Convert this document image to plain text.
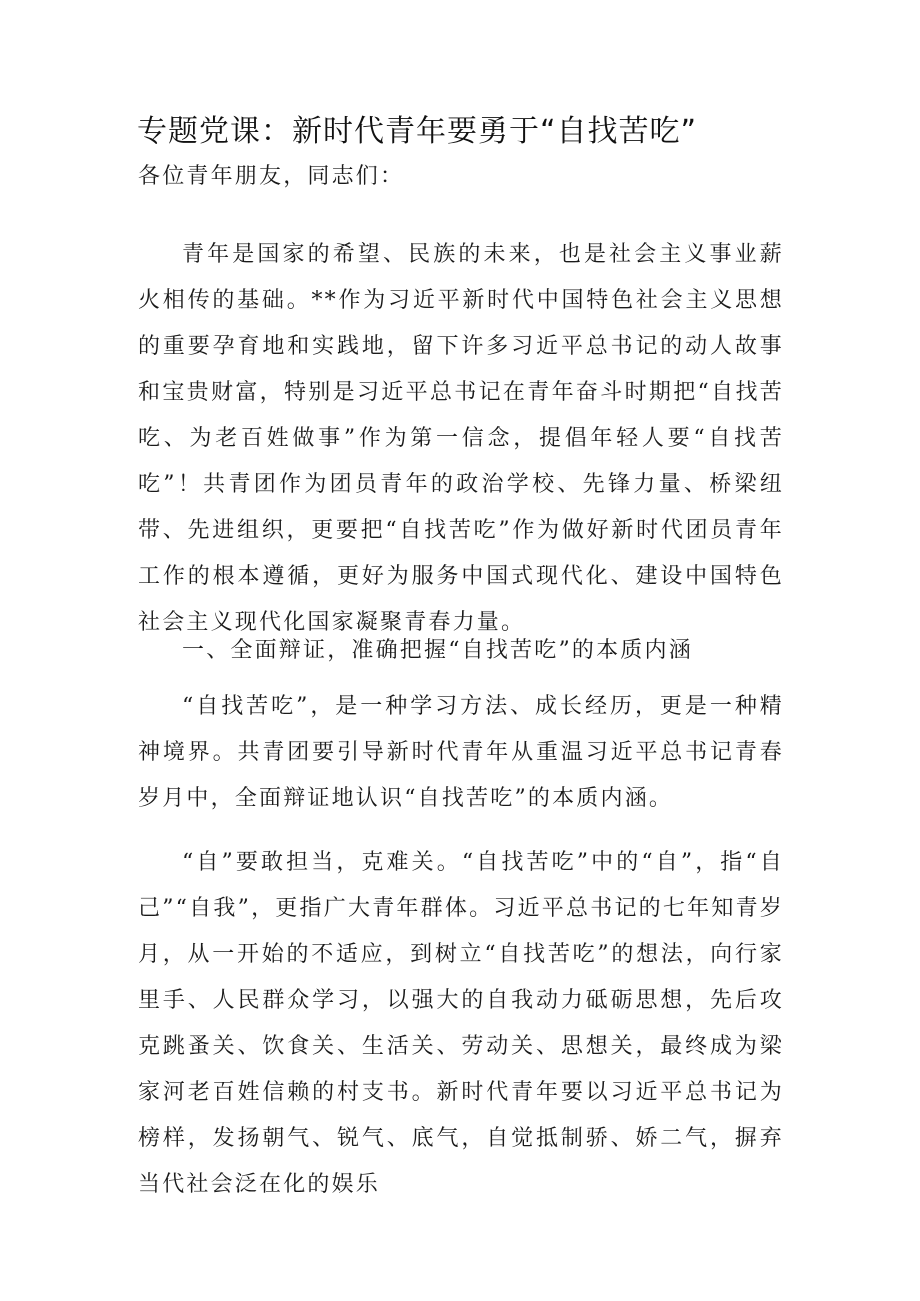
专题党课：新时代青年要勇于“自找苦吃”

各位青年朋友，同志们：

青年是国家的希望、民族的未来，也是社会主义事业薪火相传的基础。**作为习近平新时代中国特色社会主义思想的重要孕育地和实践地，留下许多习近平总书记的动人故事和宝贵财富，特别是习近平总书记在青年奋斗时期把“自找苦吃、为老百姓做事”作为第一信念，提倡年轻人要“自找苦吃”！共青团作为团员青年的政治学校、先锋力量、桥梁纽带、先进组织，更要把“自找苦吃”作为做好新时代团员青年工作的根本遵循，更好为服务中国式现代化、建设中国特色社会主义现代化国家凝聚青春力量。

一、全面辩证，准确把握“自找苦吃”的本质内涵

“自找苦吃”，是一种学习方法、成长经历，更是一种精神境界。共青团要引导新时代青年从重温习近平总书记青春岁月中，全面辩证地认识“自找苦吃”的本质内涵。

“自”要敢担当，克难关。“自找苦吃”中的“自”，指“自己”“自我”，更指广大青年群体。习近平总书记的七年知青岁月，从一开始的不适应，到树立“自找苦吃”的想法，向行家里手、人民群众学习，以强大的自我动力砥砺思想，先后攻克跳蚤关、饮食关、生活关、劳动关、思想关，最终成为梁家河老百姓信赖的村支书。新时代青年要以习近平总书记为榜样，发扬朝气、锐气、底气，自觉抵制骄、娇二气，摒弃当代社会泛在化的娱乐
